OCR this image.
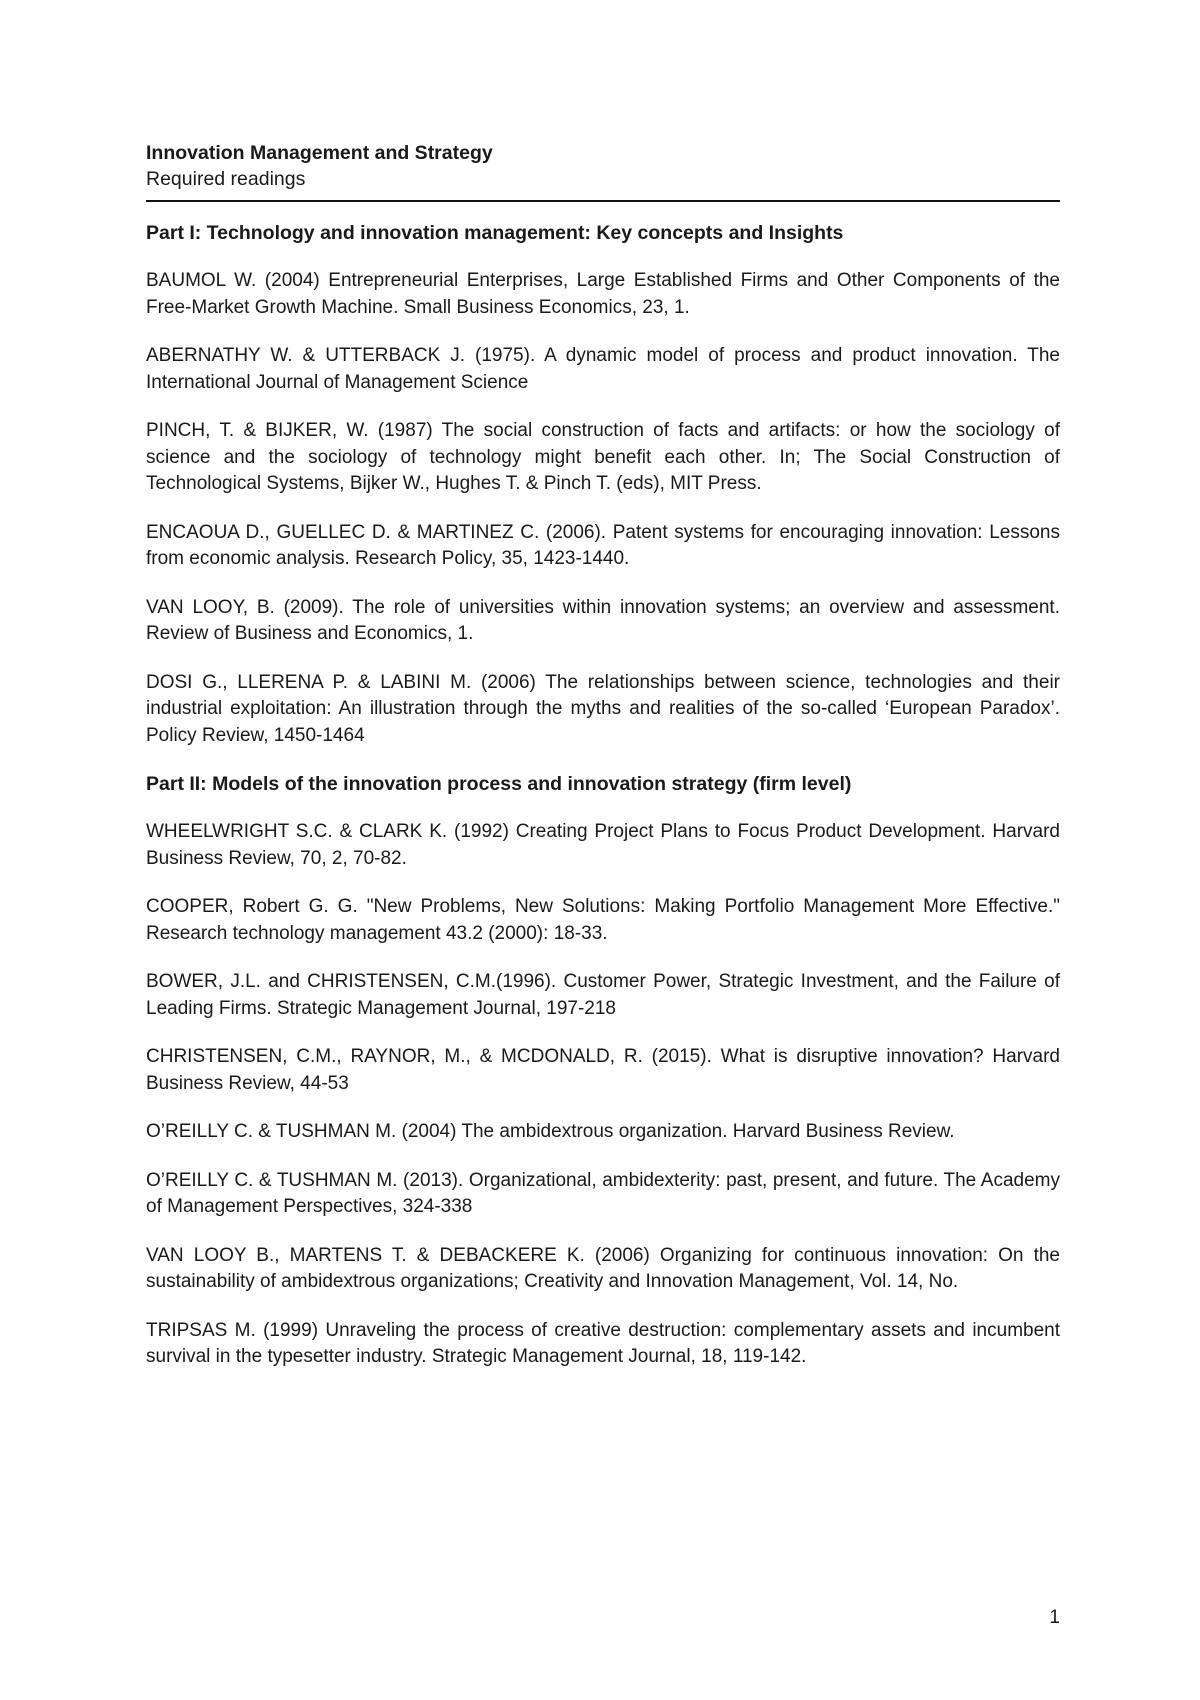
Innovation Management and Strategy

Required readings

Part I: Technology and innovation management: Key concepts and Insights

BAUMOL W. (2004) Entrepreneurial Enterprises, Large Established Firms and Other Components of the Free-Market Growth Machine. Small Business Economics, 23, 1.

ABERNATHY W. & UTTERBACK J. (1975). A dynamic model of process and product innovation. The International Journal of Management Science

PINCH, T. & BIJKER, W. (1987) The social construction of facts and artifacts: or how the sociology of science and the sociology of technology might benefit each other. In; The Social Construction of Technological Systems, Bijker W., Hughes T. & Pinch T. (eds), MIT Press.

ENCAOUA D., GUELLEC D. & MARTINEZ C. (2006). Patent systems for encouraging innovation: Lessons from economic analysis. Research Policy, 35, 1423-1440.

VAN LOOY, B. (2009). The role of universities within innovation systems; an overview and assessment. Review of Business and Economics, 1.

DOSI G., LLERENA P. & LABINI M. (2006) The relationships between science, technologies and their industrial exploitation: An illustration through the myths and realities of the so-called ‘European Paradox’. Policy Review, 1450-1464

Part II: Models of the innovation process and innovation strategy (firm level)

WHEELWRIGHT S.C. & CLARK K. (1992) Creating Project Plans to Focus Product Development. Harvard Business Review, 70, 2, 70-82.

COOPER, Robert G. G. "New Problems, New Solutions: Making Portfolio Management More Effective." Research technology management 43.2 (2000): 18-33.

BOWER, J.L. and CHRISTENSEN, C.M.(1996). Customer Power, Strategic Investment, and the Failure of Leading Firms. Strategic Management Journal, 197-218

CHRISTENSEN, C.M., RAYNOR, M., & MCDONALD, R. (2015). What is disruptive innovation? Harvard Business Review, 44-53

O’REILLY C. & TUSHMAN M. (2004) The ambidextrous organization. Harvard Business Review.

O’REILLY C. & TUSHMAN M. (2013). Organizational, ambidexterity: past, present, and future. The Academy of Management Perspectives, 324-338

VAN LOOY B., MARTENS T. & DEBACKERE K. (2006) Organizing for continuous innovation: On the sustainability of ambidextrous organizations; Creativity and Innovation Management, Vol. 14, No.

TRIPSAS M. (1999) Unraveling the process of creative destruction: complementary assets and incumbent survival in the typesetter industry. Strategic Management Journal, 18, 119-142.

1
